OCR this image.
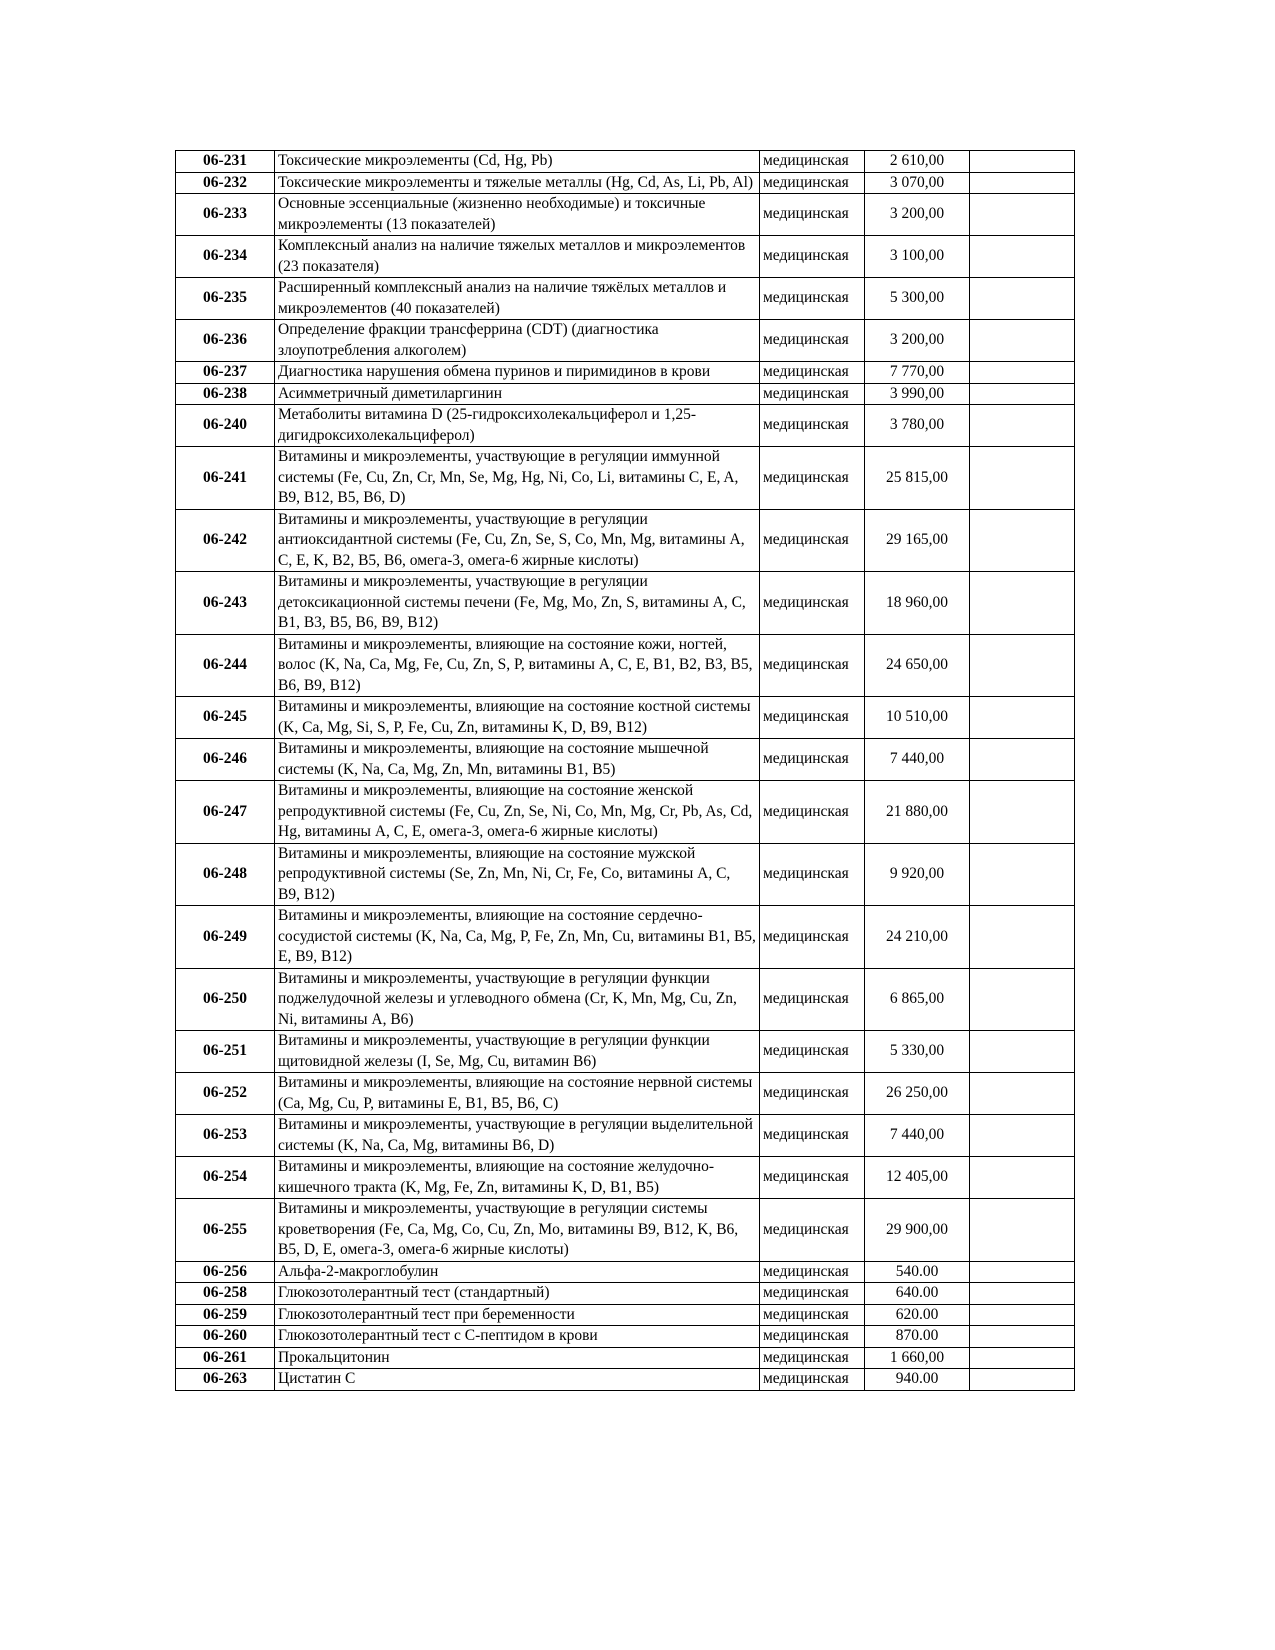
06-231	Токсические микроэлементы (Cd, Hg, Pb)	медицинская	2 610,00	
06-232	Токсические микроэлементы и тяжелые металлы (Hg, Cd, As, Li, Pb, Al)	медицинская	3 070,00	
06-233	Основные эссенциальные (жизненно необходимые) и токсичные микроэлементы (13 показателей)	медицинская	3 200,00	
06-234	Комплексный анализ на наличие тяжелых металлов и микроэлементов (23 показателя)	медицинская	3 100,00	
06-235	Расширенный комплексный анализ на наличие тяжёлых металлов и микроэлементов (40 показателей)	медицинская	5 300,00	
06-236	Определение фракции трансферрина (CDT) (диагностика злоупотребления алкоголем)	медицинская	3 200,00	
06-237	Диагностика нарушения обмена пуринов и пиримидинов в крови	медицинская	7 770,00	
06-238	Асимметричный диметиларгинин	медицинская	3 990,00	
06-240	Метаболиты витамина D (25-гидроксихолекальциферол и 1,25-дигидроксихолекальциферол)	медицинская	3 780,00	
06-241	Витамины и микроэлементы, участвующие в регуляции иммунной системы (Fe, Cu, Zn, Cr, Mn, Se, Mg, Hg, Ni, Co, Li, витамины C, E, A, B9, B12, B5, B6, D)	медицинская	25 815,00	
06-242	Витамины и микроэлементы, участвующие в регуляции антиоксидантной системы (Fe, Cu, Zn, Se, S, Co, Mn, Mg, витамины A, C, E, K, B2, B5, B6, омега-3, омега-6 жирные кислоты)	медицинская	29 165,00	
06-243	Витамины и микроэлементы, участвующие в регуляции детоксикационной системы печени (Fe, Mg, Mo, Zn, S, витамины A, C, B1, B3, B5, B6, B9, B12)	медицинская	18 960,00	
06-244	Витамины и микроэлементы, влияющие на состояние кожи, ногтей, волос (K, Na, Ca, Mg, Fe, Cu, Zn, S, P, витамины A, C, E, B1, B2, B3, B5, B6, B9, B12)	медицинская	24 650,00	
06-245	Витамины и микроэлементы, влияющие на состояние костной системы (K, Ca, Mg, Si, S, P, Fe, Cu, Zn, витамины K, D, B9, B12)	медицинская	10 510,00	
06-246	Витамины и микроэлементы, влияющие на состояние мышечной системы (K, Na, Ca, Mg, Zn, Mn, витамины B1, B5)	медицинская	7 440,00	
06-247	Витамины и микроэлементы, влияющие на состояние женской репродуктивной системы (Fe, Cu, Zn, Se, Ni, Co, Mn, Mg, Cr, Pb, As, Cd, Hg, витамины A, C, E, омега-3, омега-6 жирные кислоты)	медицинская	21 880,00	
06-248	Витамины и микроэлементы, влияющие на состояние мужской репродуктивной системы (Se, Zn, Mn, Ni, Cr, Fe, Co, витамины A, C, B9, B12)	медицинская	9 920,00	
06-249	Витамины и микроэлементы, влияющие на состояние сердечно-сосудистой системы (K, Na, Ca, Mg, P, Fe, Zn, Mn, Cu, витамины B1, B5, E, B9, B12)	медицинская	24 210,00	
06-250	Витамины и микроэлементы, участвующие в регуляции функции поджелудочной железы и углеводного обмена (Cr, K, Mn, Mg, Cu, Zn, Ni, витамины A, B6)	медицинская	6 865,00	
06-251	Витамины и микроэлементы, участвующие в регуляции функции щитовидной железы (I, Se, Mg, Cu, витамин B6)	медицинская	5 330,00	
06-252	Витамины и микроэлементы, влияющие на состояние нервной системы (Ca, Mg, Cu, P, витамины E, B1, B5, B6, C)	медицинская	26 250,00	
06-253	Витамины и микроэлементы, участвующие в регуляции выделительной системы (K, Na, Ca, Mg, витамины B6, D)	медицинская	7 440,00	
06-254	Витамины и микроэлементы, влияющие на состояние желудочно-кишечного тракта (K, Mg, Fe, Zn, витамины K, D, B1, B5)	медицинская	12 405,00	
06-255	Витамины и микроэлементы, участвующие в регуляции системы кроветворения (Fe, Ca, Mg, Co, Cu, Zn, Mo, витамины B9, B12, K, B6, B5, D, E, омега-3, омега-6 жирные кислоты)	медицинская	29 900,00	
06-256	Альфа-2-макроглобулин	медицинская	540.00	
06-258	Глюкозотолерантный тест (стандартный)	медицинская	640.00	
06-259	Глюкозотолерантный тест при беременности	медицинская	620.00	
06-260	Глюкозотолерантный тест с С-пептидом в крови	медицинская	870.00	
06-261	Прокальцитонин	медицинская	1 660,00	
06-263	Цистатин С	медицинская	940.00	
